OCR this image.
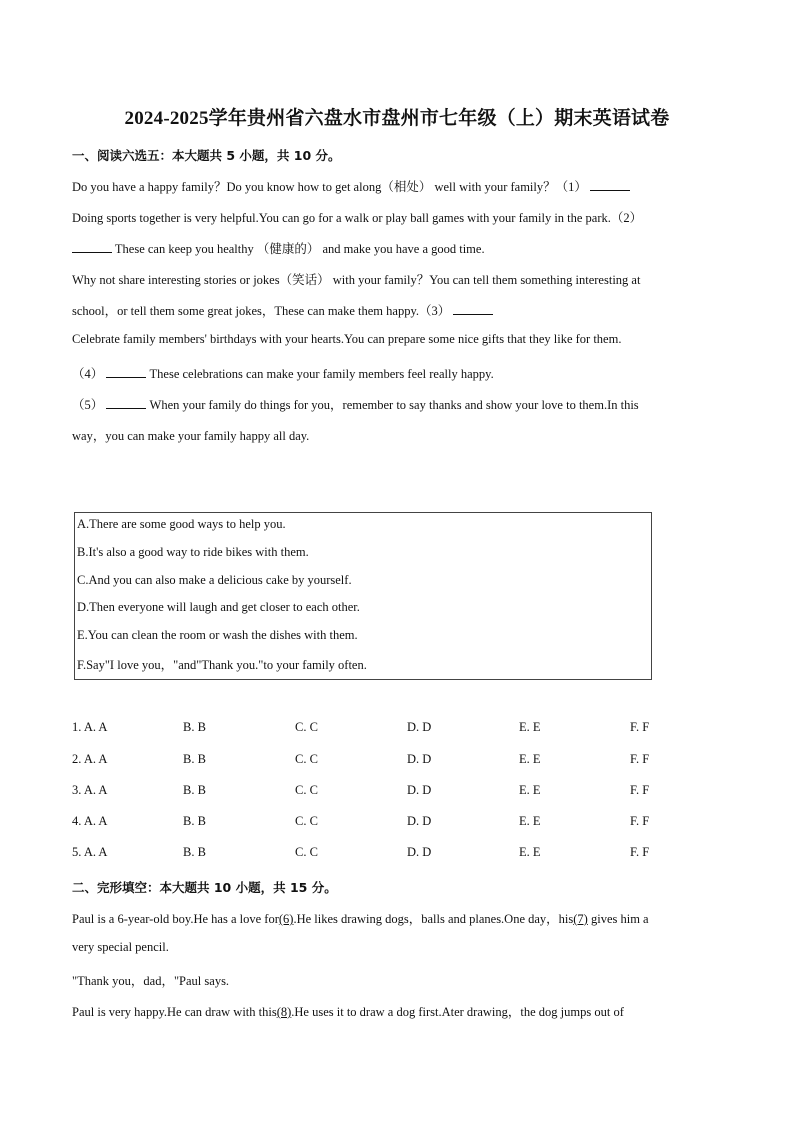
2024-2025学年贵州省六盘水市盘州市七年级（上）期末英语试卷
一、阅读六选五：本大题共 5 小题，共 10 分。
Do you have a happy family？Do you know how to get along（相处） well with your family？（1）
Doing sports together is very helpful.You can go for a walk or play ball games with your family in the park.（2）
These can keep you healthy （健康的） and make you have a good time.
Why not share interesting stories or jokes（笑话） with your family？You can tell them something interesting at
school，or tell them some great jokes，These can make them happy.（3）
Celebrate family members' birthdays with your hearts.You can prepare some nice gifts that they like for them.
（4）	These celebrations can make your family members feel really happy.
（5）	When your family do things for you，remember to say thanks and show your love to them.In this
way，you can make your family happy all day.
A.There are some good ways to help you.
B.It's also a good way to ride bikes with them.
C.And you can also make a delicious cake by yourself.
D.Then everyone will laugh and get closer to each other.
E.You can clean the room or wash the dishes with them.
F.Say"I love you，"and"Thank you."to your family often.
1. A. A	B. B	C. C	D. D	E. E	F. F
2. A. A	B. B	C. C	D. D	E. E	F. F
3. A. A	B. B	C. C	D. D	E. E	F. F
4. A. A	B. B	C. C	D. D	E. E	F. F
5. A. A	B. B	C. C	D. D	E. E	F. F
二、完形填空：本大题共 10 小题，共 15 分。
Paul is a 6-year-old boy.He has a love for(6).He likes drawing dogs，balls and planes.One day，his(7) gives him a
very special pencil.
"Thank you，dad，"Paul says.
Paul is very happy.He can draw with this(8).He uses it to draw a dog first.Ater drawing，the dog jumps out of
